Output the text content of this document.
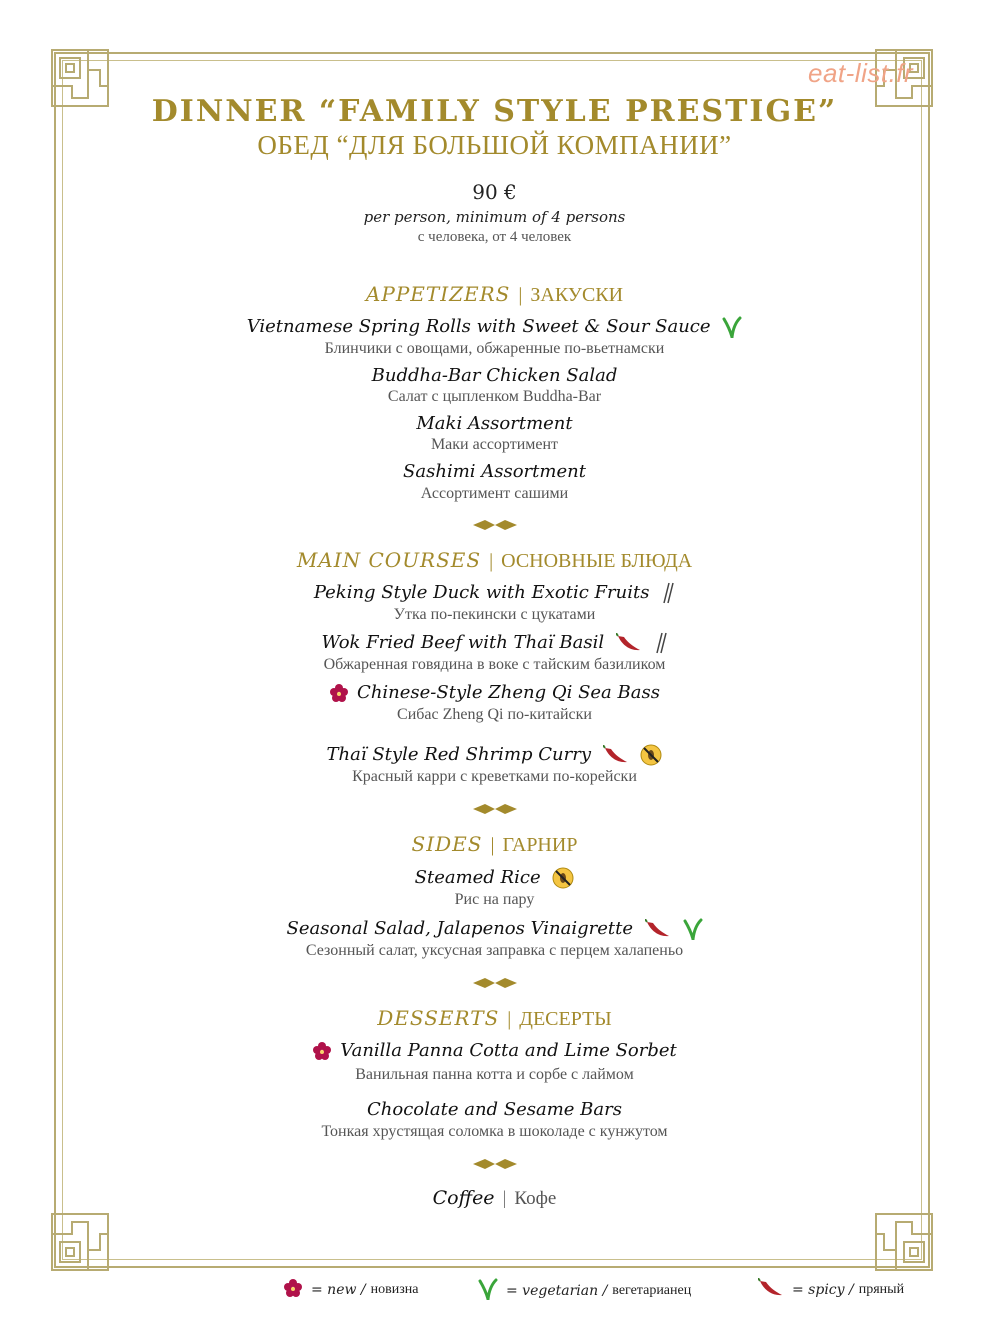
eat-list.fr
DINNER “FAMILY STYLE PRESTIGE”
ОБЕД “ДЛЯ БОЛЬШОЙ КОМПАНИИ”
90 €
per person, minimum of 4 persons
с человека, от 4 человек
APPETIZERS | ЗАКУСКИ
Vietnamese Spring Rolls with Sweet & Sour Sauce
Блинчики с овощами, обжаренные по-вьетнамски
Buddha-Bar Chicken Salad
Салат с цыпленком Buddha-Bar
Maki Assortment
Маки ассортимент
Sashimi Assortment
Ассортимент сашими
MAIN COURSES | ОСНОВНЫЕ БЛЮДА
Peking Style Duck with Exotic Fruits
Утка по-пекински с цукатами
Wok Fried Beef with Thaï Basil

Обжаренная говядина в воке с тайским базиликом
Chinese-Style Zheng Qi Sea Bass
Сибас Zheng Qi по-китайски
Thaï Style Red Shrimp Curry

Красный карри с креветками по-корейски
SIDES | ГАРНИР
Steamed Rice
Рис на пару
Seasonal Salad, Jalapenos Vinaigrette

Сезонный салат, уксусная заправка с перцем халапеньо
DESSERTS | ДЕСЕРТЫ
Vanilla Panna Cotta and Lime Sorbet
Ванильная панна котта и сорбе с лаймом
Chocolate and Sesame Bars
Тонкая хрустящая соломка в шоколаде с кунжутом
Coffee | Кофе
= new / новизна	= vegetarian / вегетарианец	= spicy / пряный
